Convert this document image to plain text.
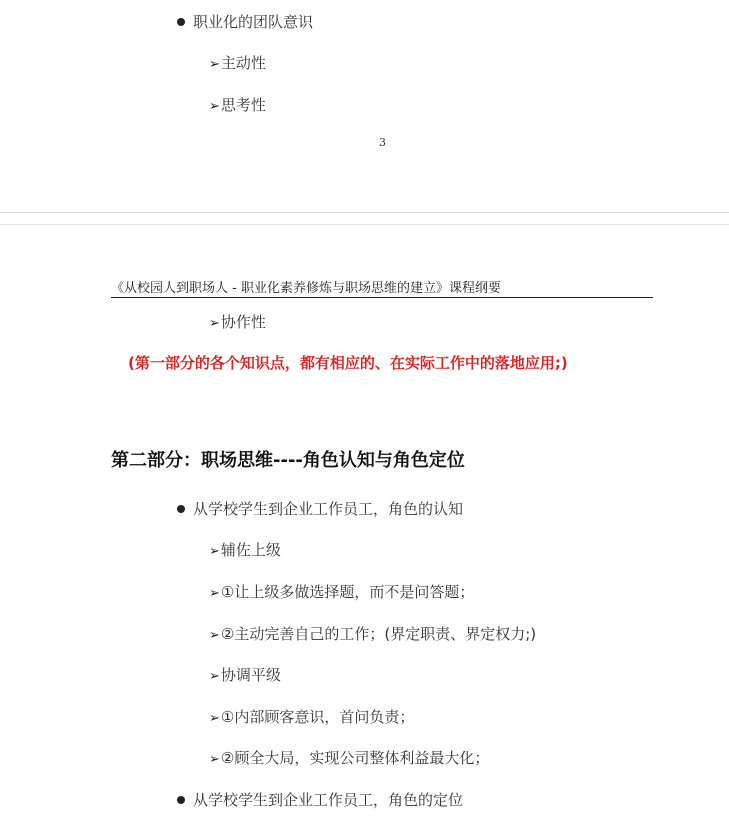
职业化的团队意识
➢主动性
➢思考性
3
《从校园人到职场人 - 职业化素养修炼与职场思维的建立》课程纲要
➢协作性
(第一部分的各个知识点，都有相应的、在实际工作中的落地应用;)
第二部分：职场思维----角色认知与角色定位
从学校学生到企业工作员工，角色的认知
➢辅佐上级
➢①让上级多做选择题，而不是问答题；
➢②主动完善自己的工作；(界定职责、界定权力;)
➢协调平级
➢①内部顾客意识，首问负责；
➢②顾全大局，实现公司整体利益最大化；
从学校学生到企业工作员工，角色的定位
